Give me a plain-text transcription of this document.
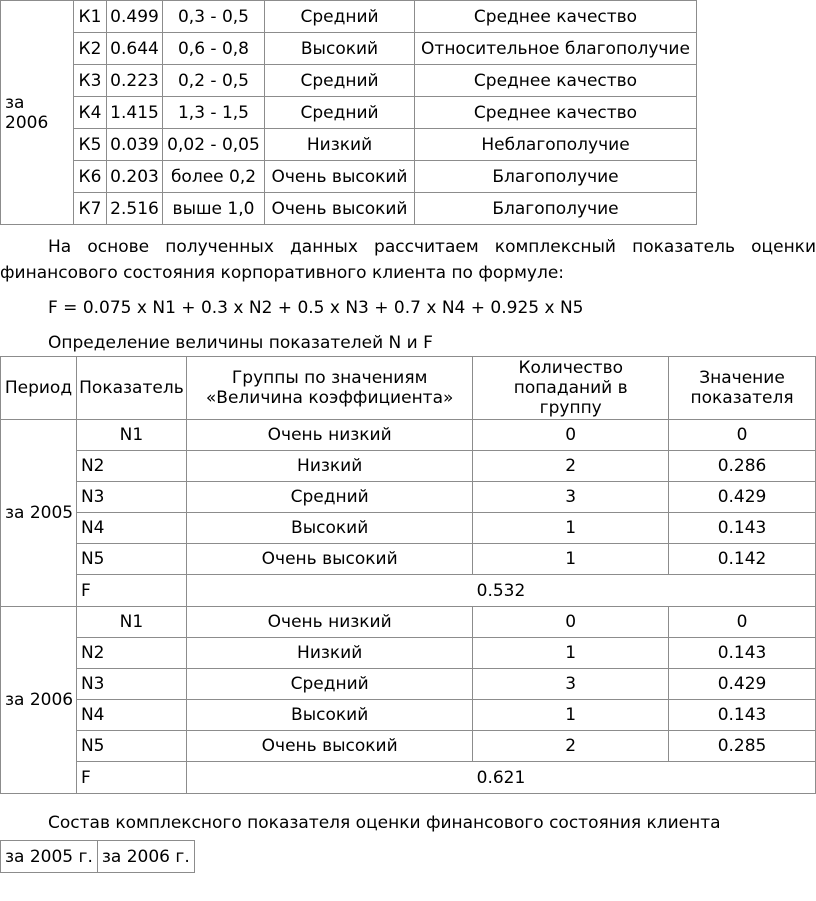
за 2006	К1	0.499	0,3 - 0,5	Средний	Среднее качество
	К2	0.644	0,6 - 0,8	Высокий	Относительное благополучие
	К3	0.223	0,2 - 0,5	Средний	Среднее качество
	К4	1.415	1,3 - 1,5	Средний	Среднее качество
	К5	0.039	0,02 - 0,05	Низкий	Неблагополучие
	К6	0.203	более 0,2	Очень высокий	Благополучие
	К7	2.516	выше 1,0	Очень высокий	Благополучие

На основе полученных данных рассчитаем комплексный показатель оценки финансового состояния корпоративного клиента по формуле:

F = 0.075 x N1 + 0.3 x N2 + 0.5 x N3 + 0.7 x N4 + 0.925 x N5

Определение величины показателей N и F

Период	Показатель	Группы по значениям «Величина коэффициента»	Количество попаданий в группу	Значение показателя
за 2005	N1	Очень низкий	0	0
	N2	Низкий	2	0.286
	N3	Средний	3	0.429
	N4	Высокий	1	0.143
	N5	Очень высокий	1	0.142
	F	0.532		
за 2006	N1	Очень низкий	0	0
	N2	Низкий	1	0.143
	N3	Средний	3	0.429
	N4	Высокий	1	0.143
	N5	Очень высокий	2	0.285
	F	0.621		

Состав комплексного показателя оценки финансового состояния клиента

за 2005 г.	за 2006 г.
